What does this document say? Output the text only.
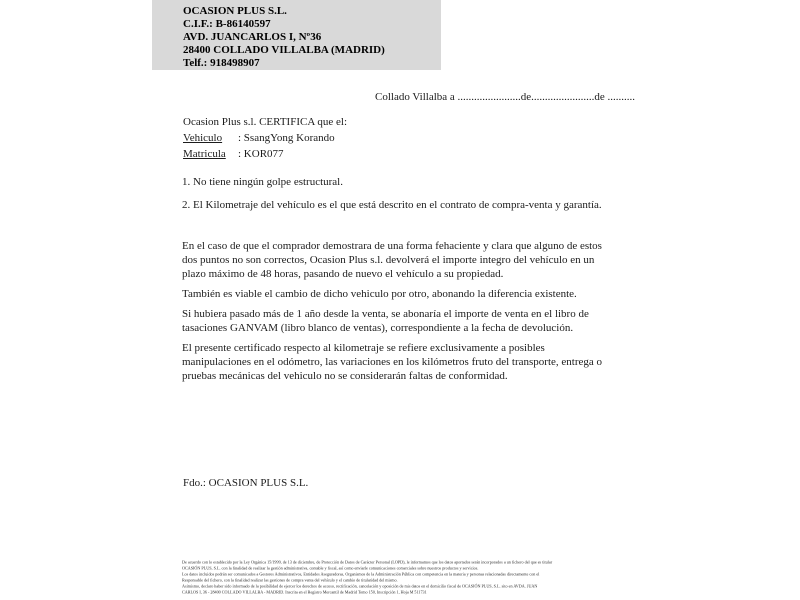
OCASION PLUS S.L.
C.I.F.: B-86140597
AVD. JUANCARLOS I, Nº36
28400 COLLADO VILLALBA (MADRID)
Telf.: 918498907
Collado Villalba a .......................de.......................de ..........
Ocasion Plus s.l. CERTIFICA que el:
Vehiculo : SsangYong Korando
Matricula : KOR077
1. No tiene ningún golpe estructural.
2. El Kilometraje del vehículo es el que está descrito en el contrato de compra-venta y garantía.

En el caso de que el comprador demostrara de una forma fehaciente y clara que alguno de estos dos puntos no son correctos, Ocasion Plus s.l. devolverá el importe integro del vehículo en un plazo máximo de 48 horas, pasando de nuevo el vehículo a su propiedad.

También es viable el cambio de dicho vehiculo por otro, abonando la diferencia existente.

Si hubiera pasado más de 1 año desde la venta, se abonaría el importe de venta en el libro de tasaciones GANVAM (libro blanco de ventas), correspondiente a la fecha de devolución.

El presente certificado respecto al kilometraje se refiere exclusivamente a posibles manipulaciones en el odómetro, las variaciones en los kilómetros fruto del transporte, entrega o pruebas mecánicas del vehiculo no se considerarán faltas de conformidad.

Fdo.: OCASION PLUS S.L.
De acuerdo con lo establecido por la Ley Orgánica 15/1999, de 13 de diciembre, de Protección de Datos de Carácter Personal (LOPD), le informamos que los datos aportados serán incorporados a un fichero del que es titular
OCASIÓN PLUS, S.L. con la finalidad de realizar la gestión administrativa, contable y fiscal, así como enviarle comunicaciones comerciales sobre nuestros productos y servicios.
Los datos incluidos podrán ser comunicados a Gestores Administrativos, Entidades Aseguradoras, Organismos de la Administración Pública con competencia en la materia y personas relacionadas directamente con el
Responsable del fichero, con la finalidad realizar las gestiones de compra venta del vehículo y el cambio de titularidad del mismo.
Asimismo, declaro haber sido informado de la posibilidad de ejercer los derechos de acceso, rectificación, cancelación y oposición de mis datos en el domicilio fiscal de OCASIÓN PLUS, S.L. sito en AVDA. JUAN
CARLOS I, 36 - 28400 COLLADO VILLALBA - MADRID. Inscrita en el Registro Mercantil de Madrid Tomo 150, Inscripción 1, Hoja M 511731
